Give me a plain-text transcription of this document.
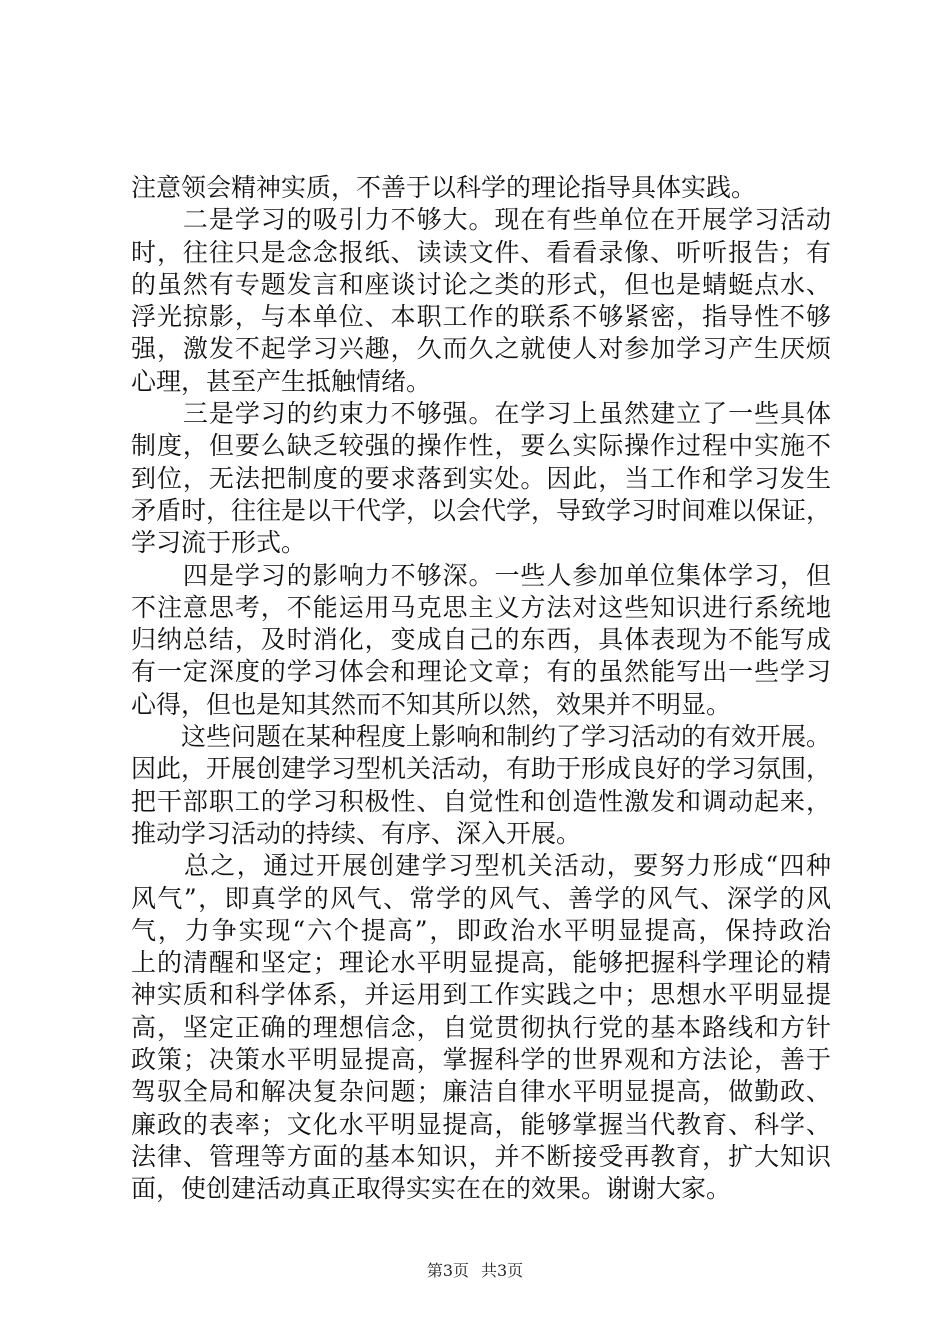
注意领会精神实质，不善于以科学的理论指导具体实践。
　　二是学习的吸引力不够大。现在有些单位在开展学习活动
时，往往只是念念报纸、读读文件、看看录像、听听报告；有
的虽然有专题发言和座谈讨论之类的形式，但也是蜻蜓点水、
浮光掠影，与本单位、本职工作的联系不够紧密，指导性不够
强，激发不起学习兴趣，久而久之就使人对参加学习产生厌烦
心理，甚至产生抵触情绪。
　　三是学习的约束力不够强。在学习上虽然建立了一些具体
制度，但要么缺乏较强的操作性，要么实际操作过程中实施不
到位，无法把制度的要求落到实处。因此，当工作和学习发生
矛盾时，往往是以干代学，以会代学，导致学习时间难以保证，
学习流于形式。
　　四是学习的影响力不够深。一些人参加单位集体学习，但
不注意思考，不能运用马克思主义方法对这些知识进行系统地
归纳总结，及时消化，变成自己的东西，具体表现为不能写成
有一定深度的学习体会和理论文章；有的虽然能写出一些学习
心得，但也是知其然而不知其所以然，效果并不明显。
　　这些问题在某种程度上影响和制约了学习活动的有效开展。
因此，开展创建学习型机关活动，有助于形成良好的学习氛围，
把干部职工的学习积极性、自觉性和创造性激发和调动起来，
推动学习活动的持续、有序、深入开展。
　　总之，通过开展创建学习型机关活动，要努力形成“四种
风气”，即真学的风气、常学的风气、善学的风气、深学的风
气，力争实现“六个提高”，即政治水平明显提高，保持政治
上的清醒和坚定；理论水平明显提高，能够把握科学理论的精
神实质和科学体系，并运用到工作实践之中；思想水平明显提
高，坚定正确的理想信念，自觉贯彻执行党的基本路线和方针
政策；决策水平明显提高，掌握科学的世界观和方法论，善于
驾驭全局和解决复杂问题；廉洁自律水平明显提高，做勤政、
廉政的表率；文化水平明显提高，能够掌握当代教育、科学、
法律、管理等方面的基本知识，并不断接受再教育，扩大知识
面，使创建活动真正取得实实在在的效果。谢谢大家。
第3页 共3页
